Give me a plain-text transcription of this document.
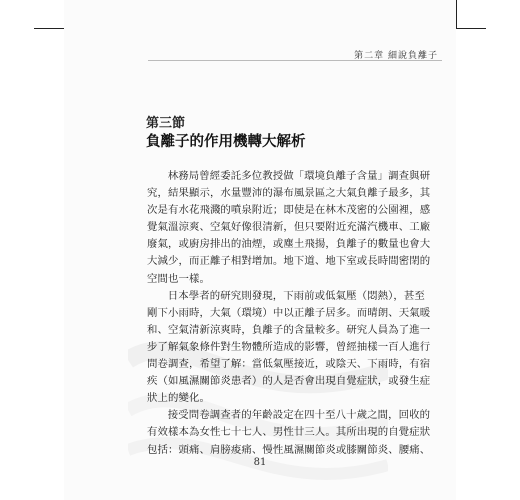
第二章 細說負離子
第三節
負離子的作用機轉大解析

林務局曾經委託多位教授做「環境負離子含量」調查與研
究，結果顯示，水量豐沛的瀑布風景區之大氣負離子最多，其
次是有水花飛濺的噴泉附近；即使是在林木茂密的公園裡，感
覺氣溫涼爽、空氣好像很清新，但只要附近充滿汽機車、工廠
廢氣，或廚房排出的油煙，或塵土飛揚，負離子的數量也會大
大減少，而正離子相對增加。地下道、地下室或長時間密閉的
空間也一樣。

日本學者的研究則發現，下雨前或低氣壓（悶熱），甚至
剛下小雨時，大氣（環境）中以正離子居多。而晴朗、天氣暖
和、空氣清新涼爽時，負離子的含量較多。研究人員為了進一
步了解氣象條件對生物體所造成的影響，曾經抽樣一百人進行
問卷調查，希望了解：當低氣壓接近，或陰天、下雨時，有宿
疾（如風濕關節炎患者）的人是否會出現自覺症狀，或發生症
狀上的變化。

接受問卷調查者的年齡設定在四十至八十歲之間，回收的
有效樣本為女性七十七人、男性廿三人。其所出現的自覺症狀
包括：頭痛、肩膀痠痛、慢性風濕關節炎或膝關節炎、腰痛、

81
